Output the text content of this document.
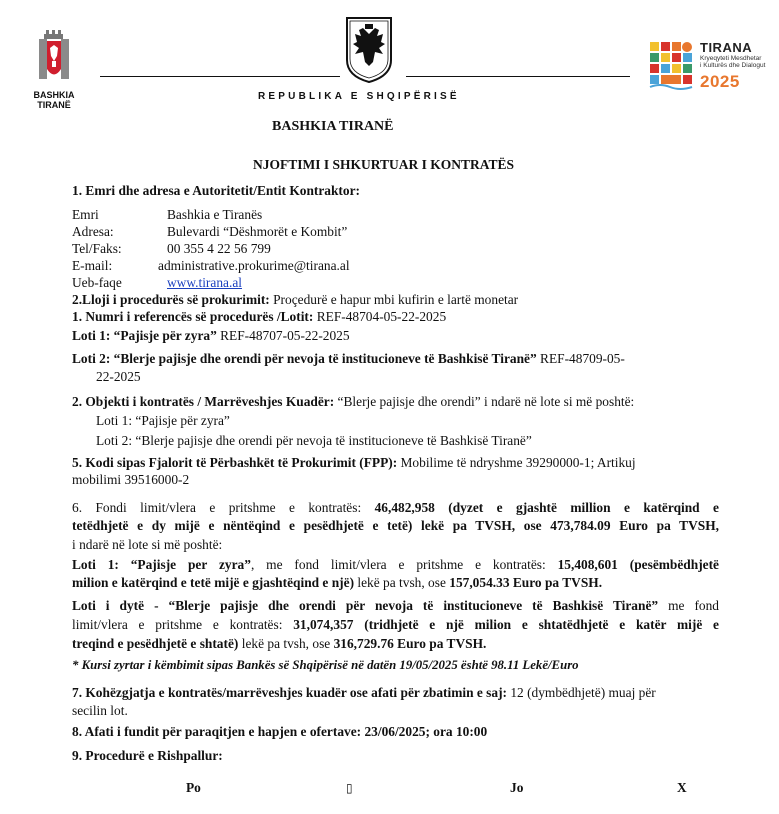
BASHKIA
TIRANË
REPUBLIKA E SHQIPËRISË
TIRANA
Kryeqyteti Mesdhetar
i Kulturës dhe Dialogut
2025
BASHKIA TIRANË
NJOFTIMI I SHKURTUAR I KONTRATËS
1. Emri dhe adresa e Autoritetit/Entit Kontraktor:
Emri	Bashkia e Tiranës
Adresa:	Bulevardi “Dëshmorët e Kombit”
Tel/Faks:	00 355 4 22 56 799
E-mail:	administrative.prokurime@tirana.al
Ueb-faqe	www.tirana.al
2.Lloji i procedurës së prokurimit: Proçedurë e hapur mbi kufirin e lartë monetar
1. Numri i referencës së procedurës /Lotit: REF-48704-05-22-2025
Loti 1: “Pajisje për zyra” REF-48707-05-22-2025
Loti 2: “Blerje pajisje dhe orendi për nevoja të institucioneve të Bashkisë Tiranë” REF-48709-05-
22-2025
2. Objekti i kontratës / Marrëveshjes Kuadër: “Blerje pajisje dhe orendi” i ndarë në lote si më poshtë:
Loti 1: “Pajisje për zyra”
Loti 2: “Blerje pajisje dhe orendi për nevoja të institucioneve të Bashkisë Tiranë”
5. Kodi sipas Fjalorit të Përbashkët të Prokurimit (FPP): Mobilime të ndryshme 39290000-1; Artikuj
mobilimi 39516000-2
6. Fondi limit/vlera e pritshme e kontratës: 46,482,958 (dyzet e gjashtë million e katërqind e
tetëdhjetë e dy mijë e nëntëqind e pesëdhjetë e tetë) lekë pa TVSH, ose 473,784.09 Euro pa TVSH,
i ndarë në lote si më poshtë:
Loti 1: “Pajisje per zyra”, me fond limit/vlera e pritshme e kontratës: 15,408,601 (pesëmbëdhjetë
milion e katërqind e tetë mijë e gjashtëqind e një) lekë pa tvsh, ose 157,054.33 Euro pa TVSH.
Loti i dytë - “Blerje pajisje dhe orendi për nevoja të institucioneve të Bashkisë Tiranë” me fond
limit/vlera e pritshme e kontratës: 31,074,357 (tridhjetë e një milion e shtatëdhjetë e katër mijë e
treqind e pesëdhjetë e shtatë) lekë pa tvsh, ose 316,729.76 Euro pa TVSH.
* Kursi zyrtar i këmbimit sipas Bankës së Shqipërisë në datën 19/05/2025 është 98.11 Lekë/Euro
7. Kohëzgjatja e kontratës/marrëveshjes kuadër ose afati për zbatimin e saj: 12 (dymbëdhjetë) muaj për
secilin lot.
8. Afati i fundit për paraqitjen e hapjen e ofertave: 23/06/2025; ora 10:00
9. Procedurë e Rishpallur:
Po	▯	Jo	X
